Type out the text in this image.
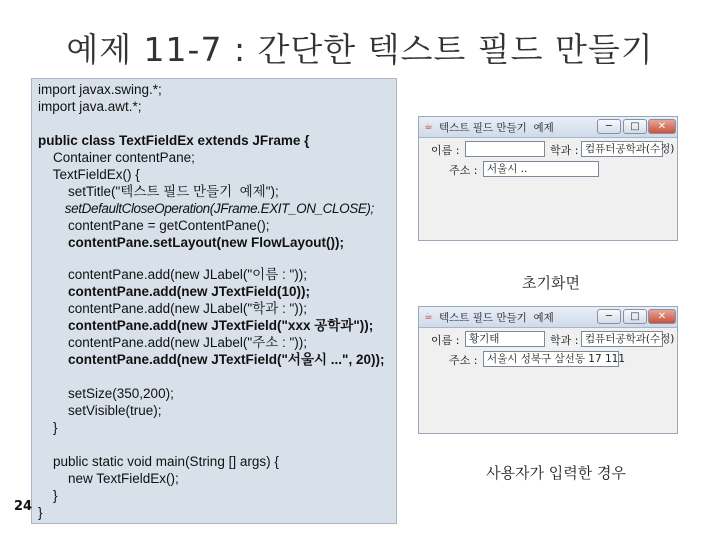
예제 11-7 : 간단한 텍스트 필드 만들기
import javax.swing.*;
import java.awt.*;
public class TextFieldEx extends JFrame {
Container contentPane;
TextFieldEx() {
setTitle("텍스트 필드 만들기  예제");
setDefaultCloseOperation(JFrame.EXIT_ON_CLOSE);
contentPane = getContentPane();
contentPane.setLayout(new FlowLayout());
contentPane.add(new JLabel("이름 : "));
contentPane.add(new JTextField(10));
contentPane.add(new JLabel("학과 : "));
contentPane.add(new JTextField("xxx 공학과"));
contentPane.add(new JLabel("주소 : "));
contentPane.add(new JTextField("서울시 ...", 20));
setSize(350,200);
setVisible(true);
}
public static void main(String [] args) {
new TextFieldEx();
}
}
24
☕ 텍스트 필드 만들기  예제	─	□	✕
이름 :	학과 : 컴퓨터공학과(수정)
주소 : 서울시 ..
초기화면
☕ 텍스트 필드 만들기  예제	─	□	✕
이름 : 황기태	학과 : 컴퓨터공학과(수정)
주소 : 서울시 성북구 삼선동 17 111
사용자가 입력한 경우
